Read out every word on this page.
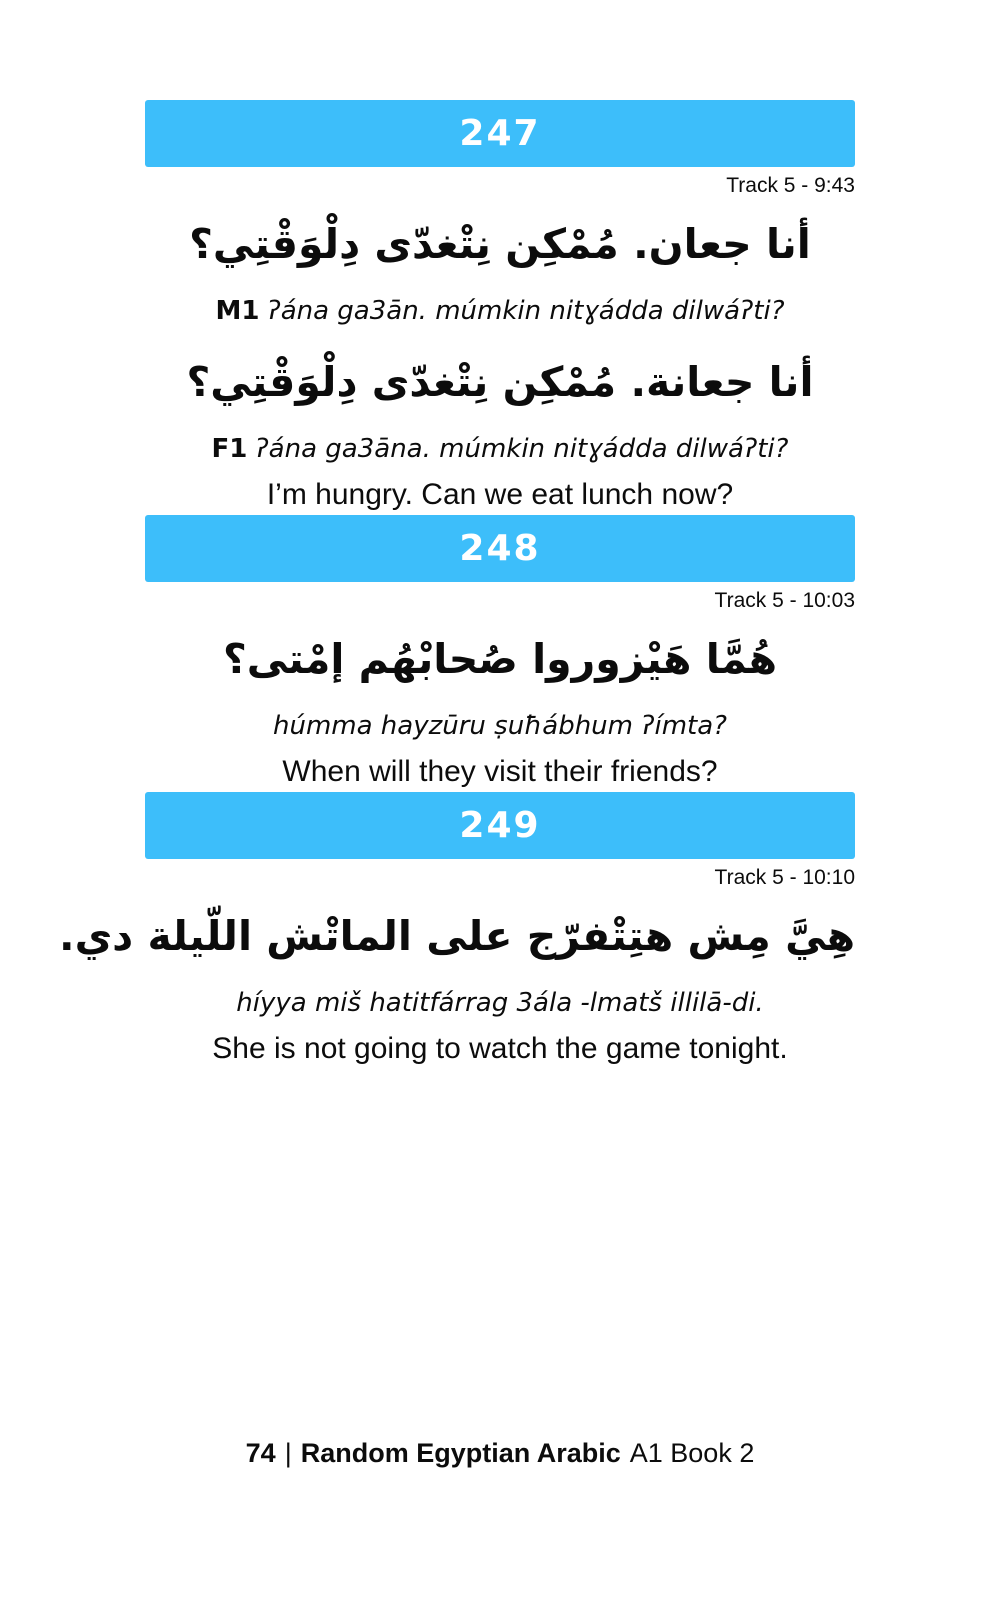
247
Track 5 - 9:43
أنا جعان. مُمْكِن نِتْغدّى دِلْوَقْتِي؟
M1 ʔána ga3ān. múmkin nitɣádda dilwáʔti?
أنا جعانة. مُمْكِن نِتْغدّى دِلْوَقْتِي؟
F1 ʔána ga3āna. múmkin nitɣádda dilwáʔti?
I’m hungry. Can we eat lunch now?
248
Track 5 - 10:03
هُمَّا هَيْزوروا صُحابْهُم إمْتى؟
húmma hayzūru ṣuħábhum ʔímta?
When will they visit their friends?
249
Track 5 - 10:10
هِيَّ مِش هتِتْفرّج على الماتْش اللّيلة دي.
híyya miš hatitfárrag 3ála -lmatš illilā-di.
She is not going to watch the game tonight.
74 | Random Egyptian Arabic A1 Book 2
